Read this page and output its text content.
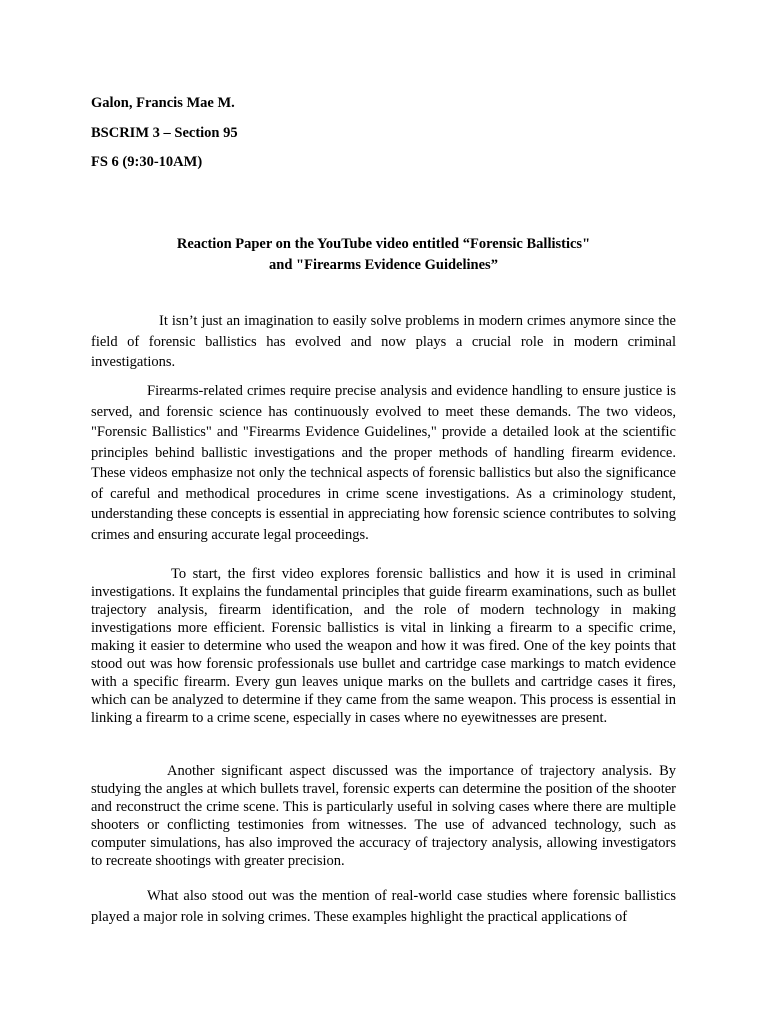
Galon, Francis Mae M.

BSCRIM 3 – Section 95

FS 6 (9:30-10AM)

Reaction Paper on the YouTube video entitled “Forensic Ballistics"
and "Firearms Evidence Guidelines”

It isn’t just an imagination to easily solve problems in modern crimes anymore since the field of forensic ballistics has evolved and now plays a crucial role in modern criminal investigations.

Firearms-related crimes require precise analysis and evidence handling to ensure justice is served, and forensic science has continuously evolved to meet these demands. The two videos, "Forensic Ballistics" and "Firearms Evidence Guidelines," provide a detailed look at the scientific principles behind ballistic investigations and the proper methods of handling firearm evidence. These videos emphasize not only the technical aspects of forensic ballistics but also the significance of careful and methodical procedures in crime scene investigations. As a criminology student, understanding these concepts is essential in appreciating how forensic science contributes to solving crimes and ensuring accurate legal proceedings.

To start, the first video explores forensic ballistics and how it is used in criminal investigations. It explains the fundamental principles that guide firearm examinations, such as bullet trajectory analysis, firearm identification, and the role of modern technology in making investigations more efficient. Forensic ballistics is vital in linking a firearm to a specific crime, making it easier to determine who used the weapon and how it was fired. One of the key points that stood out was how forensic professionals use bullet and cartridge case markings to match evidence with a specific firearm. Every gun leaves unique marks on the bullets and cartridge cases it fires, which can be analyzed to determine if they came from the same weapon. This process is essential in linking a firearm to a crime scene, especially in cases where no eyewitnesses are present.

Another significant aspect discussed was the importance of trajectory analysis. By studying the angles at which bullets travel, forensic experts can determine the position of the shooter and reconstruct the crime scene. This is particularly useful in solving cases where there are multiple shooters or conflicting testimonies from witnesses. The use of advanced technology, such as computer simulations, has also improved the accuracy of trajectory analysis, allowing investigators to recreate shootings with greater precision.

What also stood out was the mention of real-world case studies where forensic ballistics played a major role in solving crimes. These examples highlight the practical applications of
